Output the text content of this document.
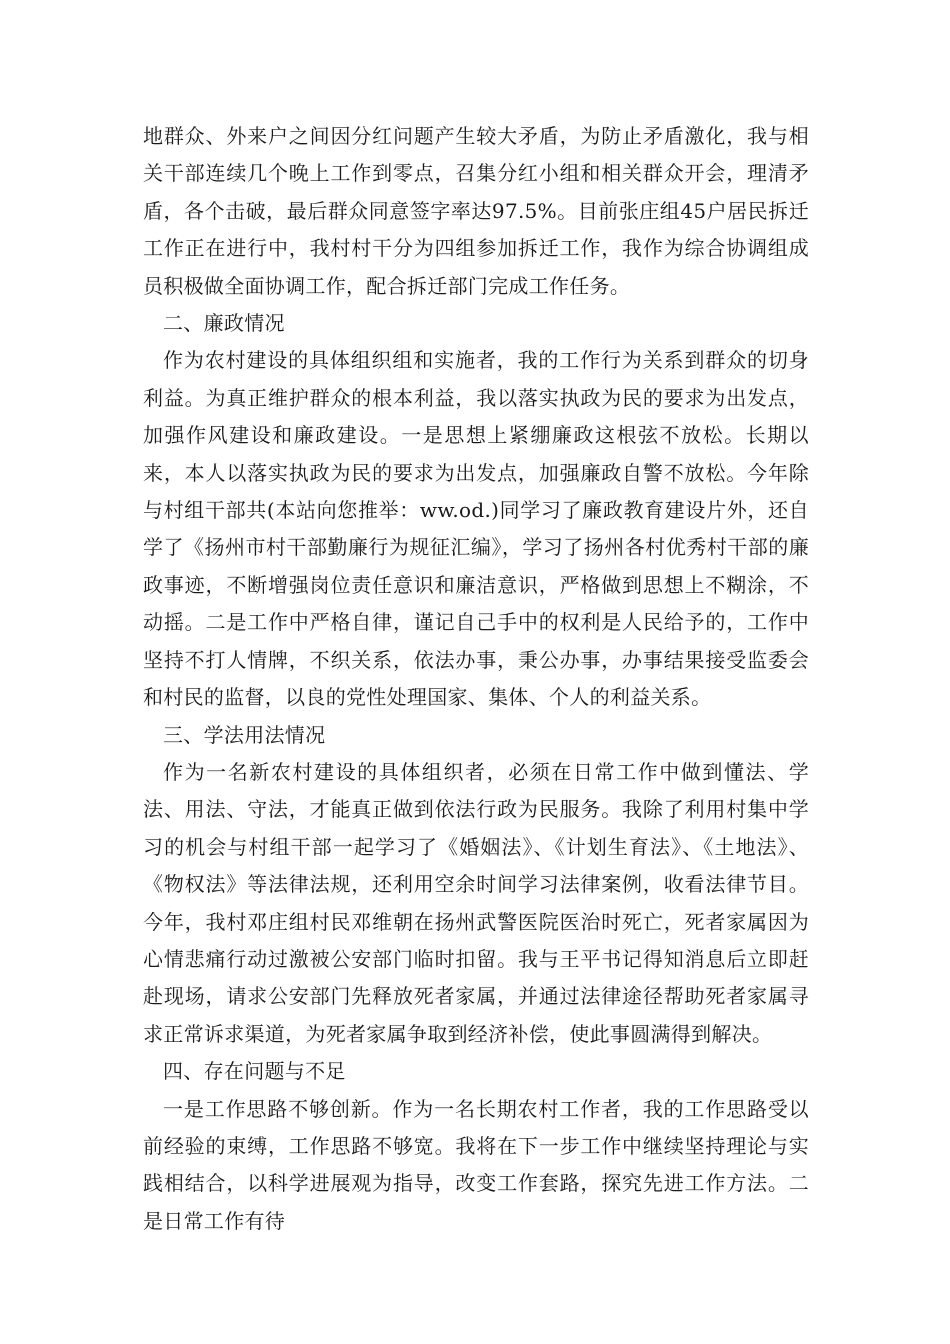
地群众、外来户之间因分红问题产生较大矛盾，为防止矛盾激化，我与相关干部连续几个晚上工作到零点，召集分红小组和相关群众开会，理清矛盾，各个击破，最后群众同意签字率达97.5%。目前张庄组45户居民拆迁工作正在进行中，我村村干分为四组参加拆迁工作，我作为综合协调组成员积极做全面协调工作，配合拆迁部门完成工作任务。

二、廉政情况

作为农村建设的具体组织组和实施者，我的工作行为关系到群众的切身利益。为真正维护群众的根本利益，我以落实执政为民的要求为出发点，加强作风建设和廉政建设。一是思想上紧绷廉政这根弦不放松。长期以来，本人以落实执政为民的要求为出发点，加强廉政自警不放松。今年除与村组干部共(本站向您推举：ww.od.)同学习了廉政教育建设片外，还自学了《扬州市村干部勤廉行为规征汇编》，学习了扬州各村优秀村干部的廉政事迹，不断增强岗位责任意识和廉洁意识，严格做到思想上不糊涂，不动摇。二是工作中严格自律，谨记自己手中的权利是人民给予的，工作中坚持不打人情牌，不织关系，依法办事，秉公办事，办事结果接受监委会和村民的监督，以良的党性处理国家、集体、个人的利益关系。

三、学法用法情况

作为一名新农村建设的具体组织者，必须在日常工作中做到懂法、学法、用法、守法，才能真正做到依法行政为民服务。我除了利用村集中学习的机会与村组干部一起学习了《婚姻法》、《计划生育法》、《土地法》、《物权法》等法律法规，还利用空余时间学习法律案例，收看法律节目。今年，我村邓庄组村民邓维朝在扬州武警医院医治时死亡，死者家属因为心情悲痛行动过激被公安部门临时扣留。我与王平书记得知消息后立即赶赴现场，请求公安部门先释放死者家属，并通过法律途径帮助死者家属寻求正常诉求渠道，为死者家属争取到经济补偿，使此事圆满得到解决。

四、存在问题与不足

一是工作思路不够创新。作为一名长期农村工作者，我的工作思路受以前经验的束缚，工作思路不够宽。我将在下一步工作中继续坚持理论与实践相结合，以科学进展观为指导，改变工作套路，探究先进工作方法。二是日常工作有待
